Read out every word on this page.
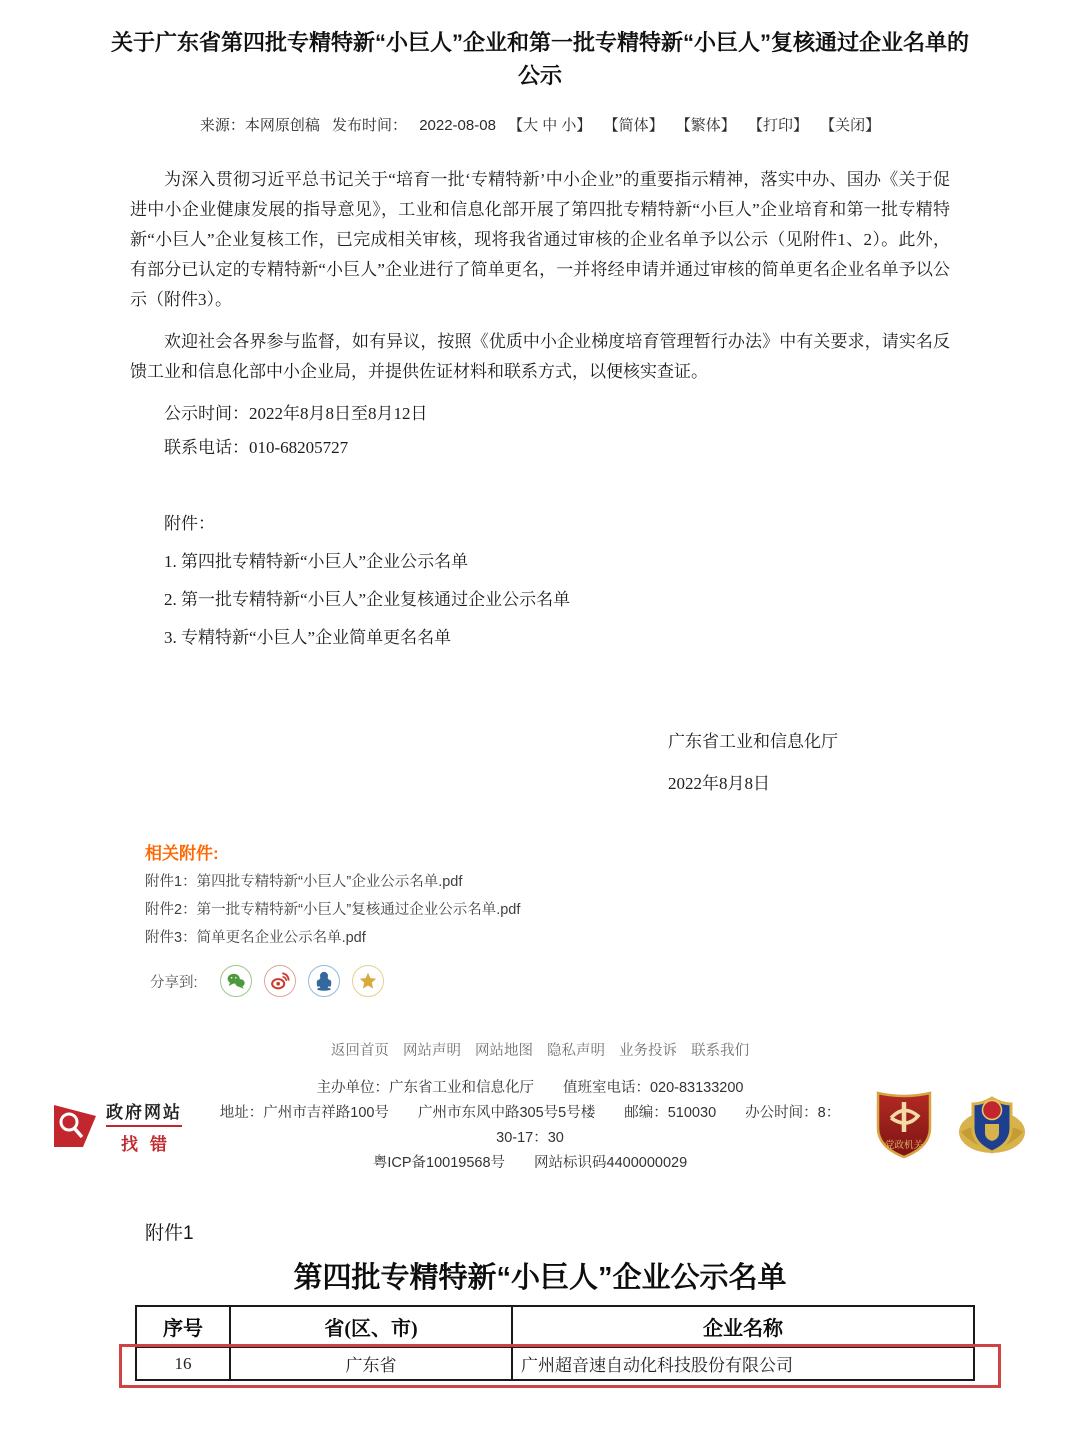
关于广东省第四批专精特新“小巨人”企业和第一批专精特新“小巨人”复核通过企业名单的公示
来源：本网原创稿 发布时间： 2022-08-08 【大 中 小】 【简体】 【繁体】 【打印】 【关闭】

为深入贯彻习近平总书记关于“培育一批‘专精特新’中小企业”的重要指示精神，落实中办、国办《关于促进中小企业健康发展的指导意见》，工业和信息化部开展了第四批专精特新“小巨人”企业培育和第一批专精特新“小巨人”企业复核工作，已完成相关审核，现将我省通过审核的企业名单予以公示（见附件1、2）。此外，有部分已认定的专精特新“小巨人”企业进行了简单更名，一并将经申请并通过审核的简单更名企业名单予以公示（附件3）。

欢迎社会各界参与监督，如有异议，按照《优质中小企业梯度培育管理暂行办法》中有关要求，请实名反馈工业和信息化部中小企业局，并提供佐证材料和联系方式，以便核实查证。

公示时间：2022年8月8日至8月12日

联系电话：010-68205727

附件：

1. 第四批专精特新“小巨人”企业公示名单

2. 第一批专精特新“小巨人”企业复核通过企业公示名单

3. 专精特新“小巨人”企业简单更名名单

广东省工业和信息化厅
2022年8月8日
相关附件:
附件1：第四批专精特新“小巨人”企业公示名单.pdf
附件2：第一批专精特新“小巨人”复核通过企业公示名单.pdf
附件3：简单更名企业公示名单.pdf
分享到:
返回首页 网站声明 网站地图 隐私声明 业务投诉 联系我们
政府网站
找错
主办单位：广东省工业和信息化厅　　值班室电话：020-83133200
地址：广州市吉祥路100号　　广州市东风中路305号5号楼　　邮编：510030　　办公时间：8：30-17：30
粤ICP备10019568号　　网站标识码4400000029
党政机关
附件1
第四批专精特新“小巨人”企业公示名单
序号	省(区、市)	企业名称
16	广东省	广州超音速自动化科技股份有限公司
